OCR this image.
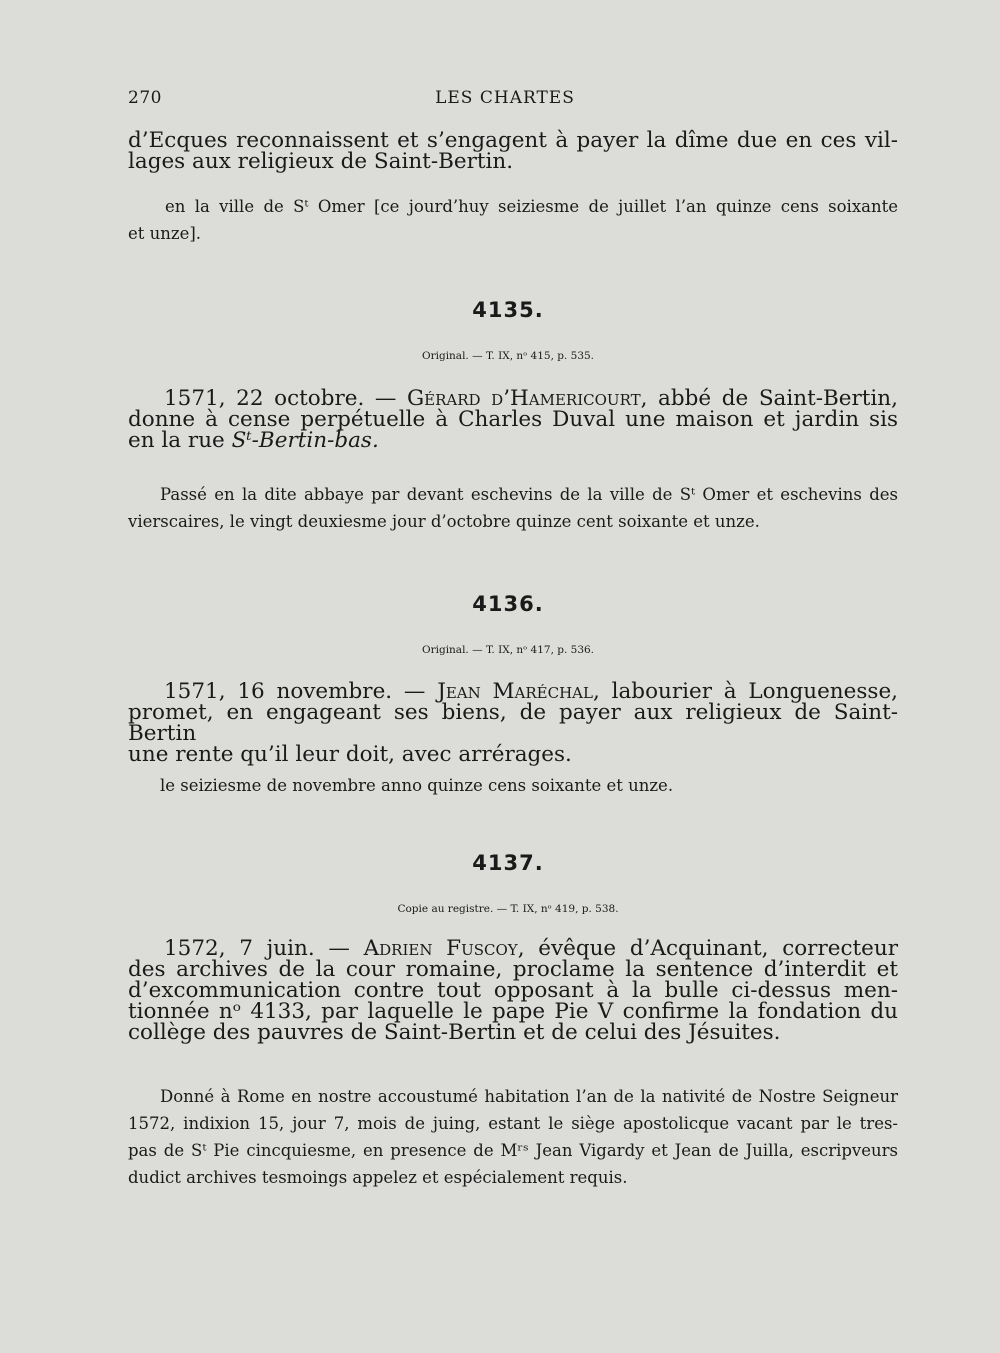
270	LES CHARTES
d’Ecques reconnaissent et s’engagent à payer la dîme due en ces vil-
lages aux religieux de Saint-Bertin.
en la ville de Sᵗ Omer [ce jourd’huy seiziesme de juillet l’an quinze cens soixante
et unze].
4135.
Original. — T. IX, nᵒ 415, p. 535.
1571, 22 octobre. — Gérard d’Hamericourt, abbé de Saint-Bertin,
donne à cense perpétuelle à Charles Duval une maison et jardin sis
en la rue Sᵗ-Bertin-bas.
Passé en la dite abbaye par devant eschevins de la ville de Sᵗ Omer et eschevins des
vierscaires, le vingt deuxiesme jour d’octobre quinze cent soixante et unze.
4136.
Original. — T. IX, nᵒ 417, p. 536.
1571, 16 novembre. — Jean Maréchal, labourier à Longuenesse,
promet, en engageant ses biens, de payer aux religieux de Saint-Bertin
une rente qu’il leur doit, avec arrérages.
le seiziesme de novembre anno quinze cens soixante et unze.
4137.
Copie au registre. — T. IX, nᵒ 419, p. 538.
1572, 7 juin. — Adrien Fuscoy, évêque d’Acquinant, correcteur
des archives de la cour romaine, proclame la sentence d’interdit et
d’excommunication contre tout opposant à la bulle ci-dessus men-
tionnée nᵒ 4133, par laquelle le pape Pie V confirme la fondation du
collège des pauvres de Saint-Bertin et de celui des Jésuites.
Donné à Rome en nostre accoustumé habitation l’an de la nativité de Nostre Seigneur
1572, indixion 15, jour 7, mois de juing, estant le siège apostolicque vacant par le tres-
pas de Sᵗ Pie cincquiesme, en presence de Mʳˢ Jean Vigardy et Jean de Juilla, escripveurs
dudict archives tesmoings appelez et espécialement requis.
